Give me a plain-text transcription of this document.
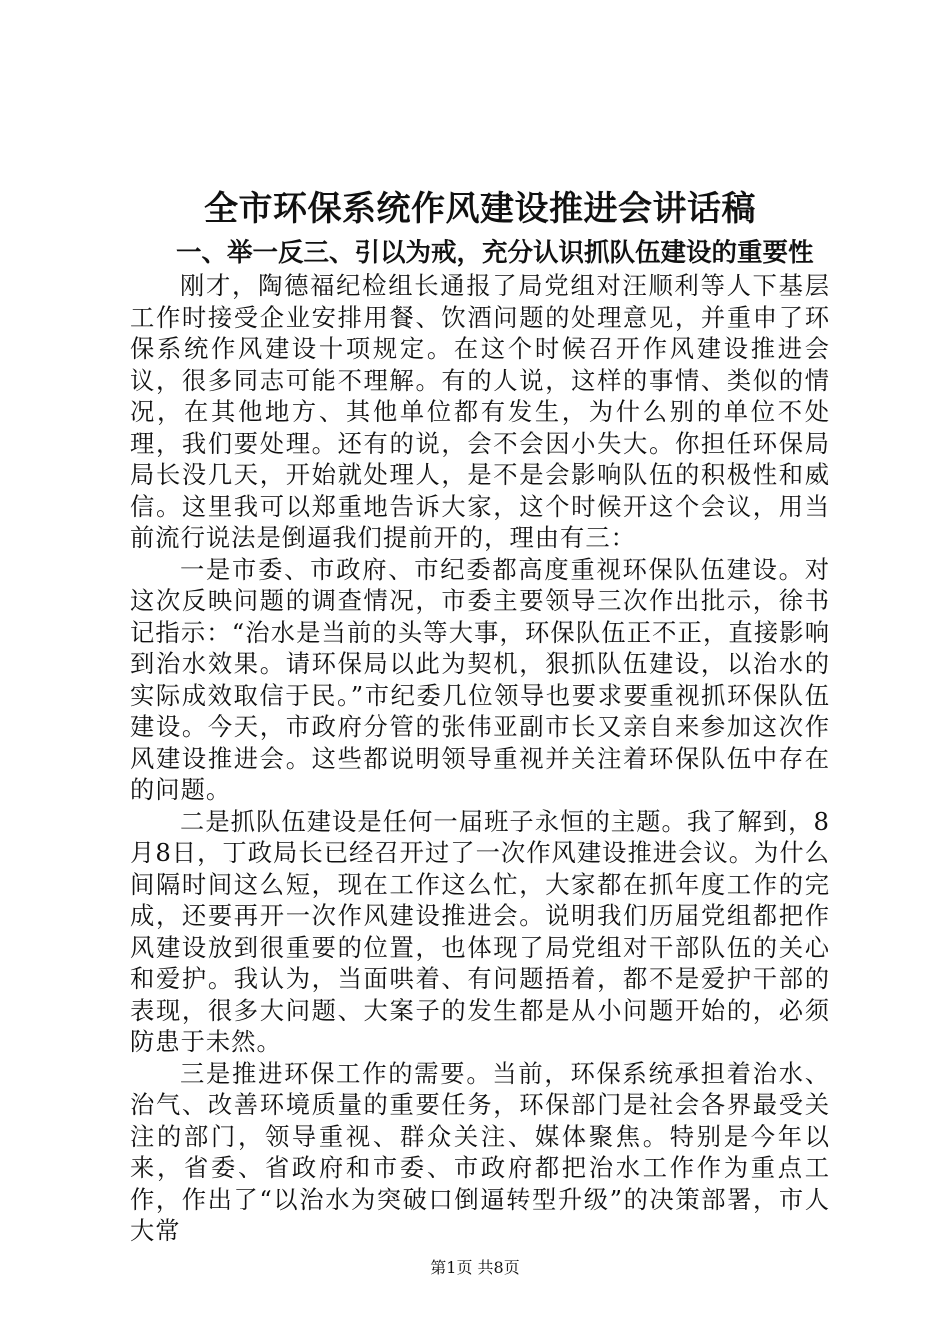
全市环保系统作风建设推进会讲话稿
一、举一反三、引以为戒，充分认识抓队伍建设的重要性

刚才，陶德福纪检组长通报了局党组对汪顺利等人下基层工作时接受企业安排用餐、饮酒问题的处理意见，并重申了环保系统作风建设十项规定。在这个时候召开作风建设推进会议，很多同志可能不理解。有的人说，这样的事情、类似的情况，在其他地方、其他单位都有发生，为什么别的单位不处理，我们要处理。还有的说，会不会因小失大。你担任环保局局长没几天，开始就处理人，是不是会影响队伍的积极性和威信。这里我可以郑重地告诉大家，这个时候开这个会议，用当前流行说法是倒逼我们提前开的，理由有三：

一是市委、市政府、市纪委都高度重视环保队伍建设。对这次反映问题的调查情况，市委主要领导三次作出批示，徐书记指示：“治水是当前的头等大事，环保队伍正不正，直接影响到治水效果。请环保局以此为契机，狠抓队伍建设，以治水的实际成效取信于民。”市纪委几位领导也要求要重视抓环保队伍建设。今天，市政府分管的张伟亚副市长又亲自来参加这次作风建设推进会。这些都说明领导重视并关注着环保队伍中存在的问题。

二是抓队伍建设是任何一届班子永恒的主题。我了解到，8月8日，丁政局长已经召开过了一次作风建设推进会议。为什么间隔时间这么短，现在工作这么忙，大家都在抓年度工作的完成，还要再开一次作风建设推进会。说明我们历届党组都把作风建设放到很重要的位置，也体现了局党组对干部队伍的关心和爱护。我认为，当面哄着、有问题捂着，都不是爱护干部的表现，很多大问题、大案子的发生都是从小问题开始的，必须防患于未然。

三是推进环保工作的需要。当前，环保系统承担着治水、治气、改善环境质量的重要任务，环保部门是社会各界最受关注的部门，领导重视、群众关注、媒体聚焦。特别是今年以来，省委、省政府和市委、市政府都把治水工作作为重点工作，作出了“以治水为突破口倒逼转型升级”的决策部署，市人大常

第1页 共8页
